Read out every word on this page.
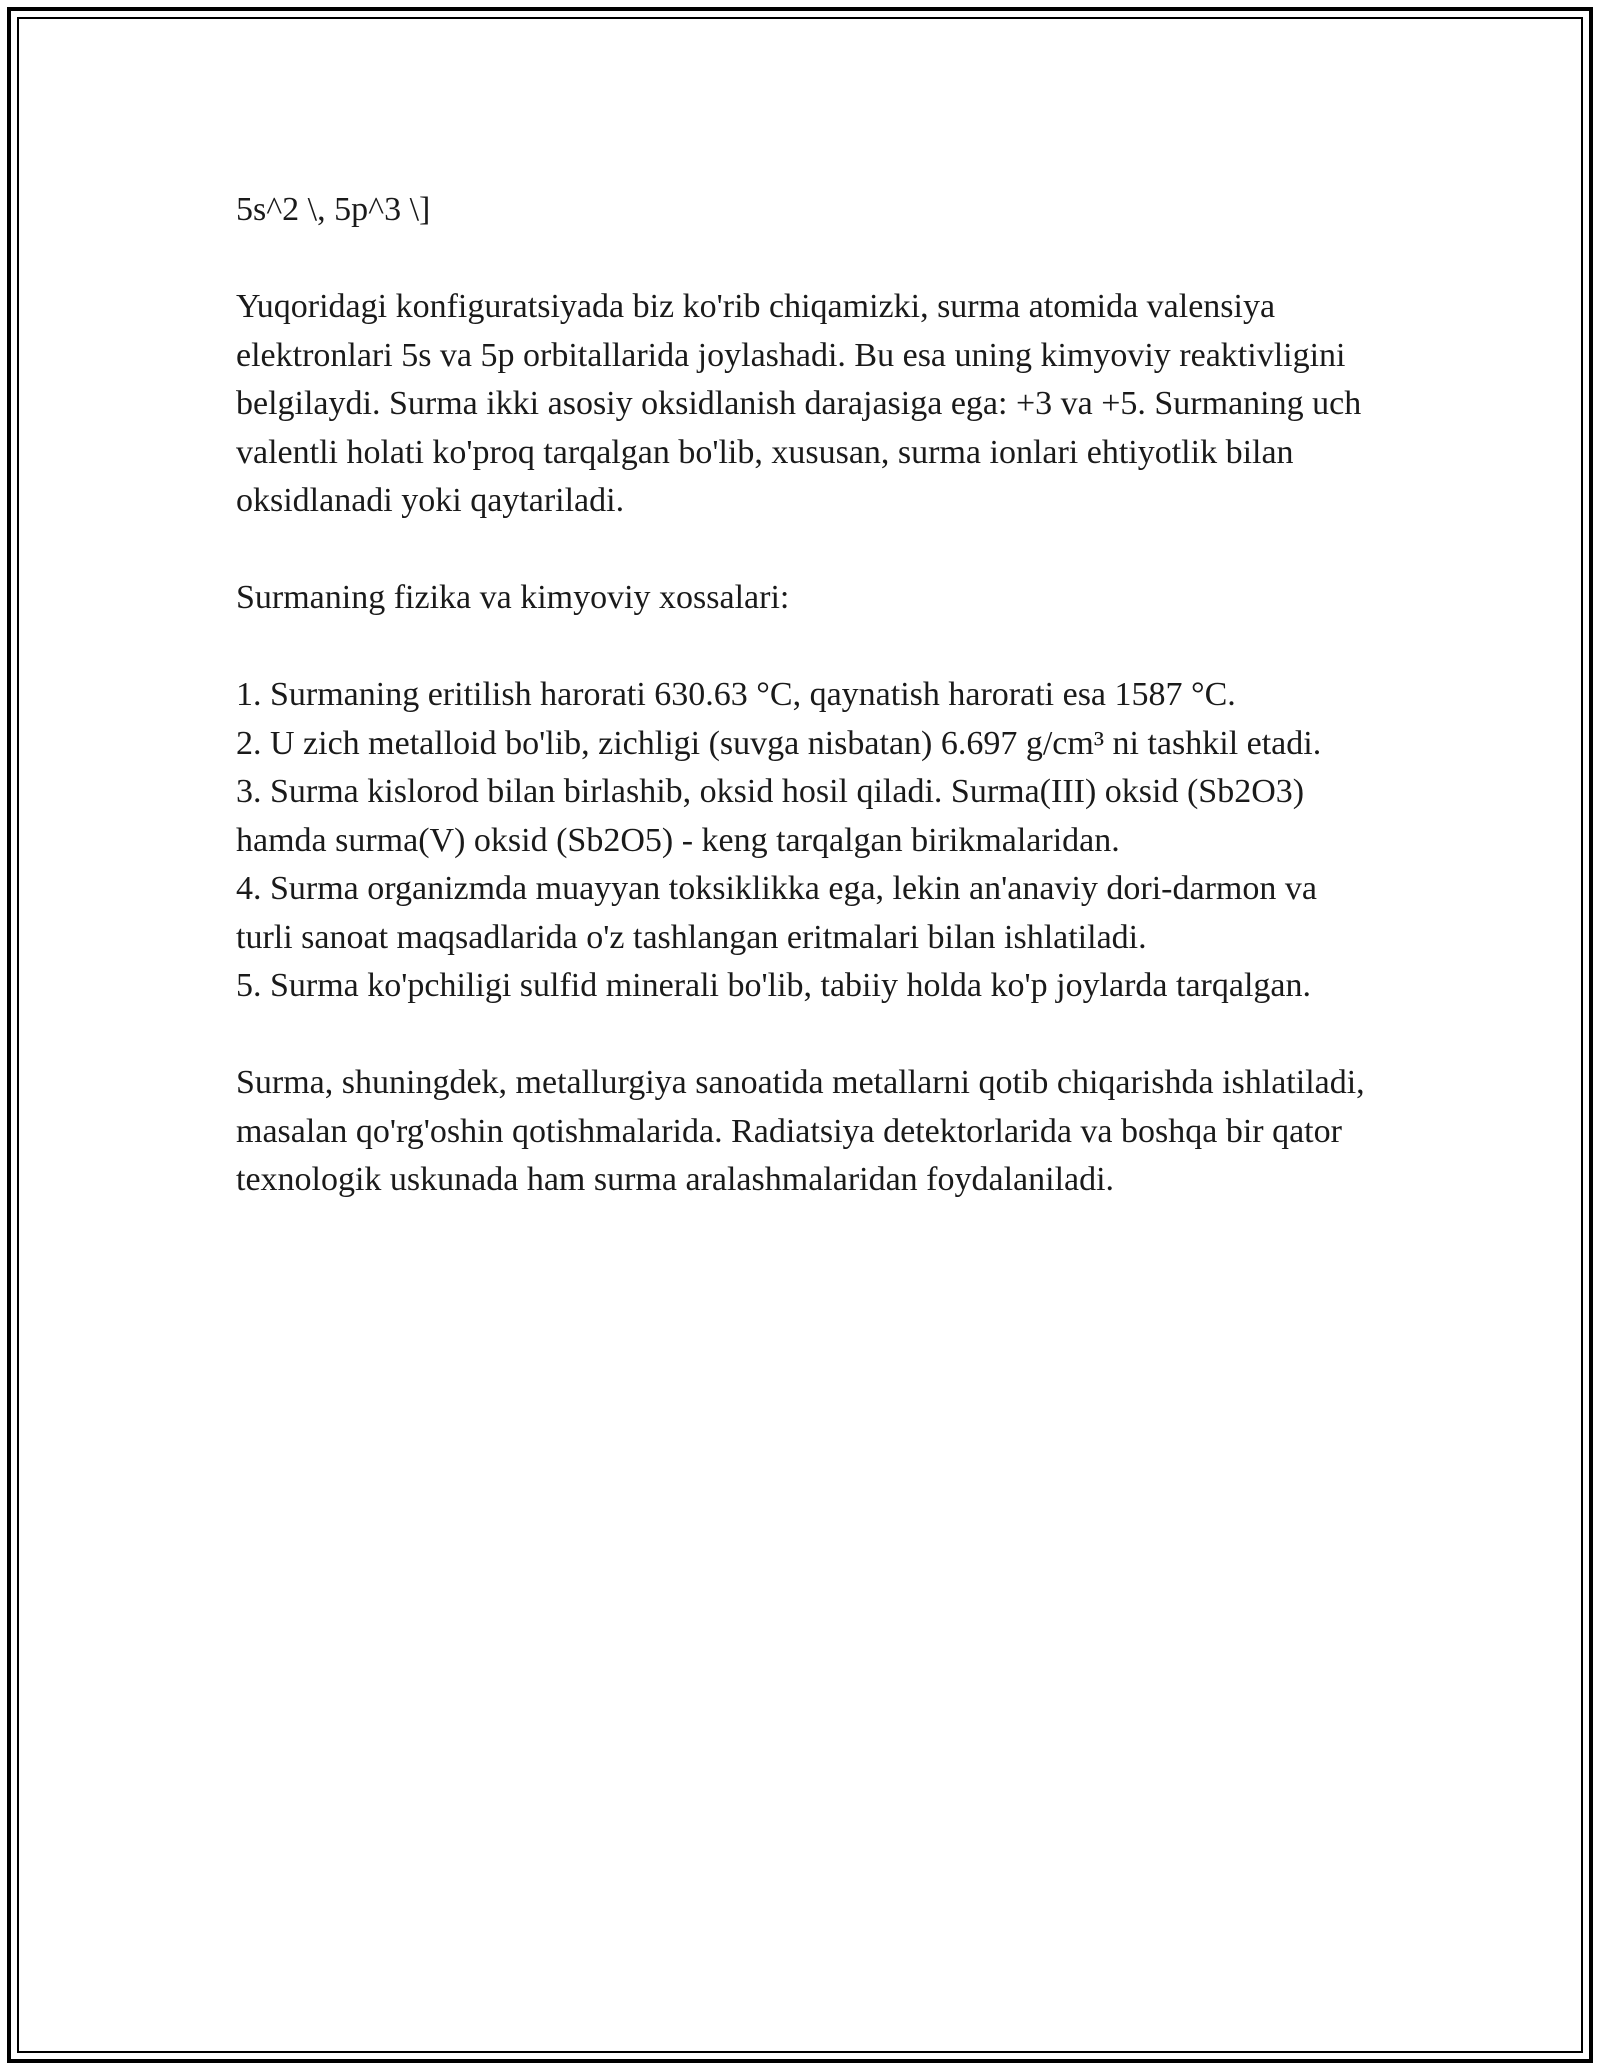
5s^2 \, 5p^3 \]

Yuqoridagi konfiguratsiyada biz ko'rib chiqamizki, surma atomida valensiya elektronlari 5s va 5p orbitallarida joylashadi. Bu esa uning kimyoviy reaktivligini belgilaydi. Surma ikki asosiy oksidlanish darajasiga ega: +3 va +5. Surmaning uch valentli holati ko'proq tarqalgan bo'lib, xususan, surma ionlari ehtiyotlik bilan oksidlanadi yoki qaytariladi.

Surmaning fizika va kimyoviy xossalari:

1. Surmaning eritilish harorati 630.63 °C, qaynatish harorati esa 1587 °C.

2. U zich metalloid bo'lib, zichligi (suvga nisbatan) 6.697 g/cm³ ni tashkil etadi.

3. Surma kislorod bilan birlashib, oksid hosil qiladi. Surma(III) oksid (Sb2O3) hamda surma(V) oksid (Sb2O5) - keng tarqalgan birikmalaridan.

4. Surma organizmda muayyan toksiklikka ega, lekin an'anaviy dori-darmon va turli sanoat maqsadlarida o'z tashlangan eritmalari bilan ishlatiladi.

5. Surma ko'pchiligi sulfid minerali bo'lib, tabiiy holda ko'p joylarda tarqalgan.

Surma, shuningdek, metallurgiya sanoatida metallarni qotib chiqarishda ishlatiladi, masalan qo'rg'oshin qotishmalarida. Radiatsiya detektorlarida va boshqa bir qator texnologik uskunada ham surma aralashmalaridan foydalaniladi.
